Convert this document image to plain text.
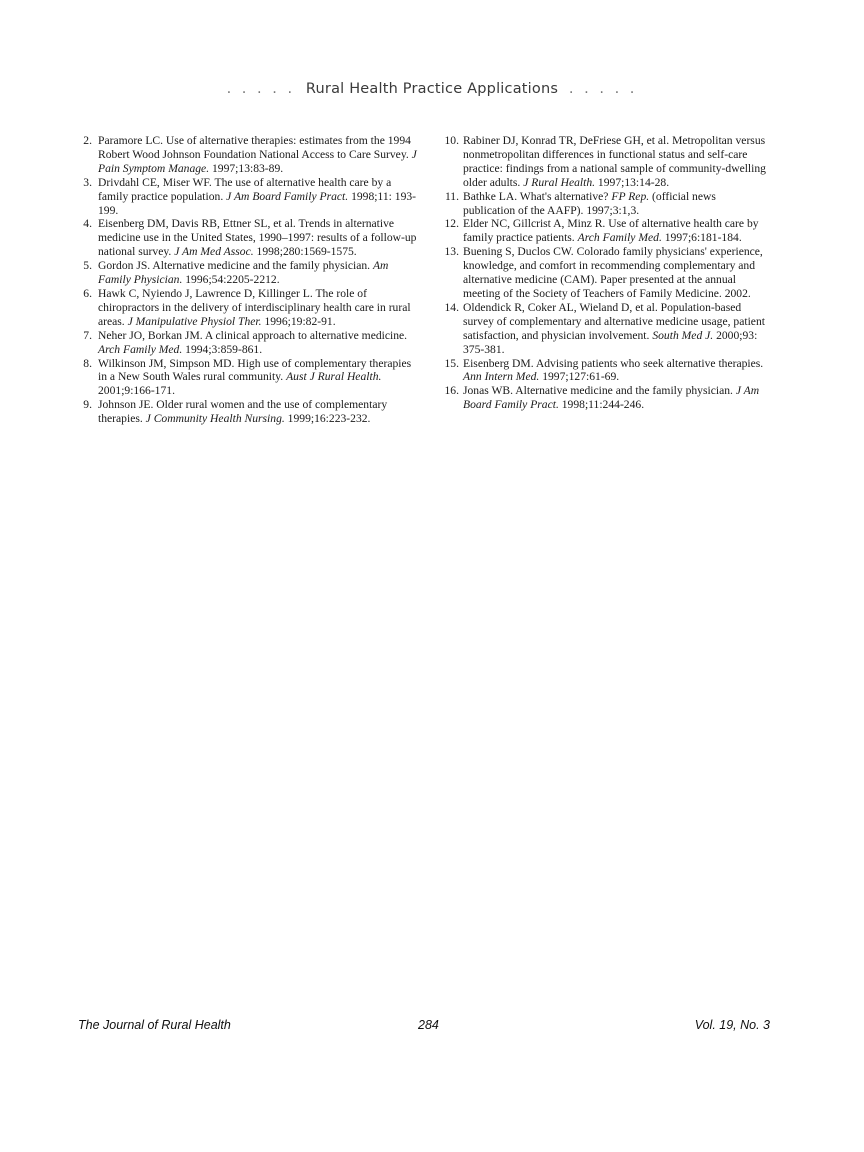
. . . . . Rural Health Practice Applications . . . . .
2. Paramore LC. Use of alternative therapies: estimates from the 1994 Robert Wood Johnson Foundation National Access to Care Survey. J Pain Symptom Manage. 1997;13:83-89.
3. Drivdahl CE, Miser WF. The use of alternative health care by a family practice population. J Am Board Family Pract. 1998;11: 193-199.
4. Eisenberg DM, Davis RB, Ettner SL, et al. Trends in alternative medicine use in the United States, 1990–1997: results of a follow-up national survey. J Am Med Assoc. 1998;280:1569-1575.
5. Gordon JS. Alternative medicine and the family physician. Am Family Physician. 1996;54:2205-2212.
6. Hawk C, Nyiendo J, Lawrence D, Killinger L. The role of chiropractors in the delivery of interdisciplinary health care in rural areas. J Manipulative Physiol Ther. 1996;19:82-91.
7. Neher JO, Borkan JM. A clinical approach to alternative medicine. Arch Family Med. 1994;3:859-861.
8. Wilkinson JM, Simpson MD. High use of complementary therapies in a New South Wales rural community. Aust J Rural Health. 2001;9:166-171.
9. Johnson JE. Older rural women and the use of complementary therapies. J Community Health Nursing. 1999;16:223-232.
10. Rabiner DJ, Konrad TR, DeFriese GH, et al. Metropolitan versus nonmetropolitan differences in functional status and self-care practice: findings from a national sample of community-dwelling older adults. J Rural Health. 1997;13:14-28.
11. Bathke LA. What's alternative? FP Rep. (official news publication of the AAFP). 1997;3:1,3.
12. Elder NC, Gillcrist A, Minz R. Use of alternative health care by family practice patients. Arch Family Med. 1997;6:181-184.
13. Buening S, Duclos CW. Colorado family physicians' experience, knowledge, and comfort in recommending complementary and alternative medicine (CAM). Paper presented at the annual meeting of the Society of Teachers of Family Medicine. 2002.
14. Oldendick R, Coker AL, Wieland D, et al. Population-based survey of complementary and alternative medicine usage, patient satisfaction, and physician involvement. South Med J. 2000;93: 375-381.
15. Eisenberg DM. Advising patients who seek alternative therapies. Ann Intern Med. 1997;127:61-69.
16. Jonas WB. Alternative medicine and the family physician. J Am Board Family Pract. 1998;11:244-246.
The Journal of Rural Health	284	Vol. 19, No. 3
